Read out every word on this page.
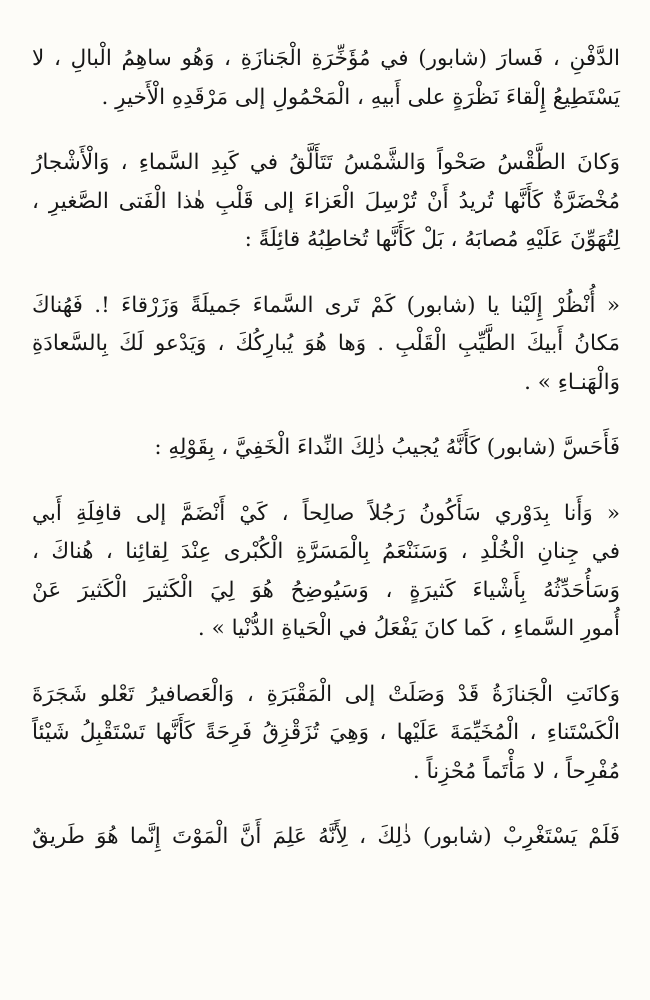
الدَّفْنِ ، فَسارَ (شابور) في مُؤَخِّرَةِ الْجَنازَةِ ، وَهُو ساهِمُ الْبالِ ، لا
يَسْتَطِيعُ إِلْقاءَ نَظْرَةٍ على أَبيهِ ، الْمَحْمُولِ إلى مَرْقَدِهِ الْأَخيرِ .

وَكانَ الطَّقْسُ صَحْواً وَالشَّمْسُ تَتَأَلَّقُ في كَبِدِ السَّماءِ ، وَالْأَشْجارُ
مُخْضَرَّةٌ كَأَنَّها تُريدُ أَنْ تُرْسِلَ الْعَزاءَ إلى قَلْبِ هٰذا الْفَتى الصَّغيرِ ،
لِتُهَوِّنَ عَلَيْهِ مُصابَهُ ، بَلْ كَأَنَّها تُخاطِبُهُ قائِلَةً :

« أُنْظُرْ إِلَيْنا يا (شابور) كَمْ تَرى السَّماءَ جَميلَةً وَزَرْقاءَ !. فَهُناكَ
مَكانُ أَبيكَ الطَّيِّبِ الْقَلْبِ . وَها هُوَ يُبارِكُكَ ، وَيَدْعو لَكَ بِالسَّعادَةِ
وَالْهَنـاءِ » .

فَأَحَسَّ (شابور) كَأَنَّهُ يُجيبُ ذٰلِكَ النِّداءَ الْخَفِيَّ ، بِقَوْلِهِ :

« وَأَنا بِدَوْري سَأَكُونُ رَجُلاً صالِحاً ، كَيْ أَنْضَمَّ إلى قافِلَةِ أَبي
في جِنانِ الْخُلْدِ ، وَسَنَنْعَمُ بِالْمَسَرَّةِ الْكُبْرى عِنْدَ لِقائِنا ، هُناكَ ،
وَسَأُحَدِّثُهُ بِأَشْياءَ كَثيرَةٍ ، وَسَيُوضِحُ هُوَ لِيَ الْكَثيرَ الْكَثيرَ عَنْ
أُمورِ السَّماءِ ، كَما كانَ يَفْعَلُ في الْحَياةِ الدُّنْيا » .

وَكانَتِ الْجَنازَةُ قَدْ وَصَلَتْ إلى الْمَقْبَرَةِ ، وَالْعَصافيرُ تَعْلو شَجَرَةَ
الْكَسْتَناءِ ، الْمُخَيِّمَةَ عَلَيْها ، وَهِيَ تُزَقْزِقُ فَرِحَةً كَأَنَّها تَسْتَقْبِلُ شَيْئاً
مُفْرِحاً ، لا مَأْتَماً مُحْزِناً .

فَلَمْ يَسْتَغْرِبْ (شابور) ذٰلِكَ ، لِأَنَّهُ عَلِمَ أَنَّ الْمَوْتَ إِنَّما هُوَ طَريقٌ
